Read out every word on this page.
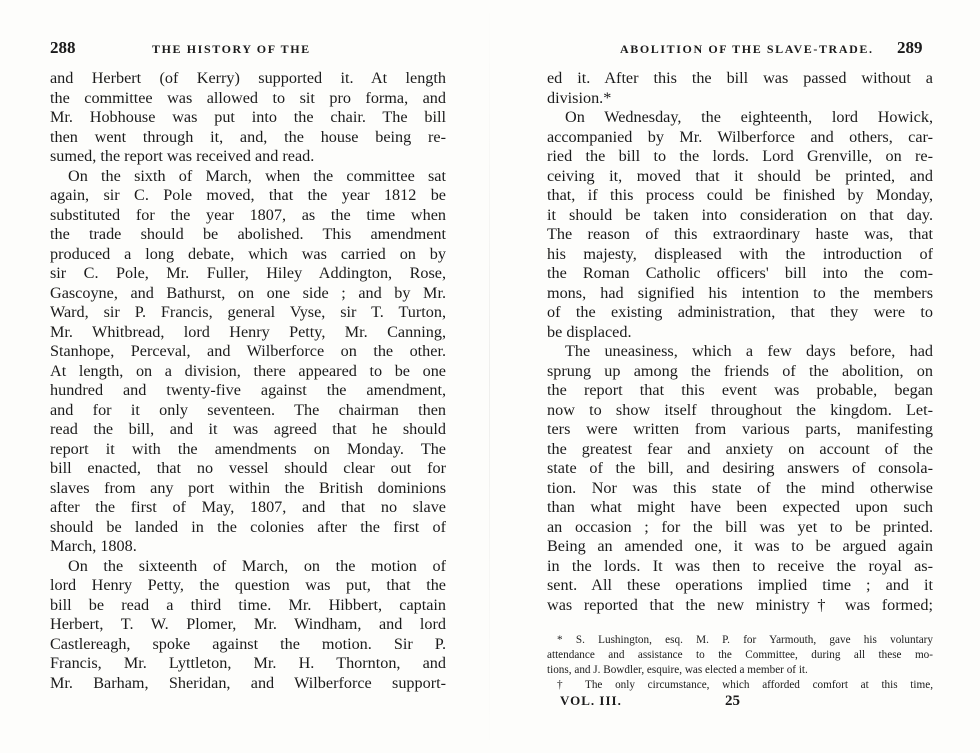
288	THE HISTORY OF THE
and Herbert (of Kerry) supported it. At length
the committee was allowed to sit pro forma, and
Mr. Hobhouse was put into the chair. The bill
then went through it, and, the house being re-
sumed, the report was received and read.
On the sixth of March, when the committee sat
again, sir C. Pole moved, that the year 1812 be
substituted for the year 1807, as the time when
the trade should be abolished. This amendment
produced a long debate, which was carried on by
sir C. Pole, Mr. Fuller, Hiley Addington, Rose,
Gascoyne, and Bathurst, on one side ; and by Mr.
Ward, sir P. Francis, general Vyse, sir T. Turton,
Mr. Whitbread, lord Henry Petty, Mr. Canning,
Stanhope, Perceval, and Wilberforce on the other.
At length, on a division, there appeared to be one
hundred and twenty-five against the amendment,
and for it only seventeen. The chairman then
read the bill, and it was agreed that he should
report it with the amendments on Monday. The
bill enacted, that no vessel should clear out for
slaves from any port within the British dominions
after the first of May, 1807, and that no slave
should be landed in the colonies after the first of
March, 1808.
On the sixteenth of March, on the motion of
lord Henry Petty, the question was put, that the
bill be read a third time. Mr. Hibbert, captain
Herbert, T. W. Plomer, Mr. Windham, and lord
Castlereagh, spoke against the motion. Sir P.
Francis, Mr. Lyttleton, Mr. H. Thornton, and
Mr. Barham, Sheridan, and Wilberforce support-
ABOLITION OF THE SLAVE-TRADE. 289
ed it. After this the bill was passed without a
division.*
On Wednesday, the eighteenth, lord Howick,
accompanied by Mr. Wilberforce and others, car-
ried the bill to the lords. Lord Grenville, on re-
ceiving it, moved that it should be printed, and
that, if this process could be finished by Monday,
it should be taken into consideration on that day.
The reason of this extraordinary haste was, that
his majesty, displeased with the introduction of
the Roman Catholic officers' bill into the com-
mons, had signified his intention to the members
of the existing administration, that they were to
be displaced.
The uneasiness, which a few days before, had
sprung up among the friends of the abolition, on
the report that this event was probable, began
now to show itself throughout the kingdom. Let-
ters were written from various parts, manifesting
the greatest fear and anxiety on account of the
state of the bill, and desiring answers of consola-
tion. Nor was this state of the mind otherwise
than what might have been expected upon such
an occasion ; for the bill was yet to be printed.
Being an amended one, it was to be argued again
in the lords. It was then to receive the royal as-
sent. All these operations implied time ; and it
was reported that the new ministry† was formed;
* S. Lushington, esq. M. P. for Yarmouth, gave his voluntary
attendance and assistance to the Committee, during all these mo-
tions, and J. Bowdler, esquire, was elected a member of it.
† The only circumstance, which afforded comfort at this time,
VOL. III.	25
